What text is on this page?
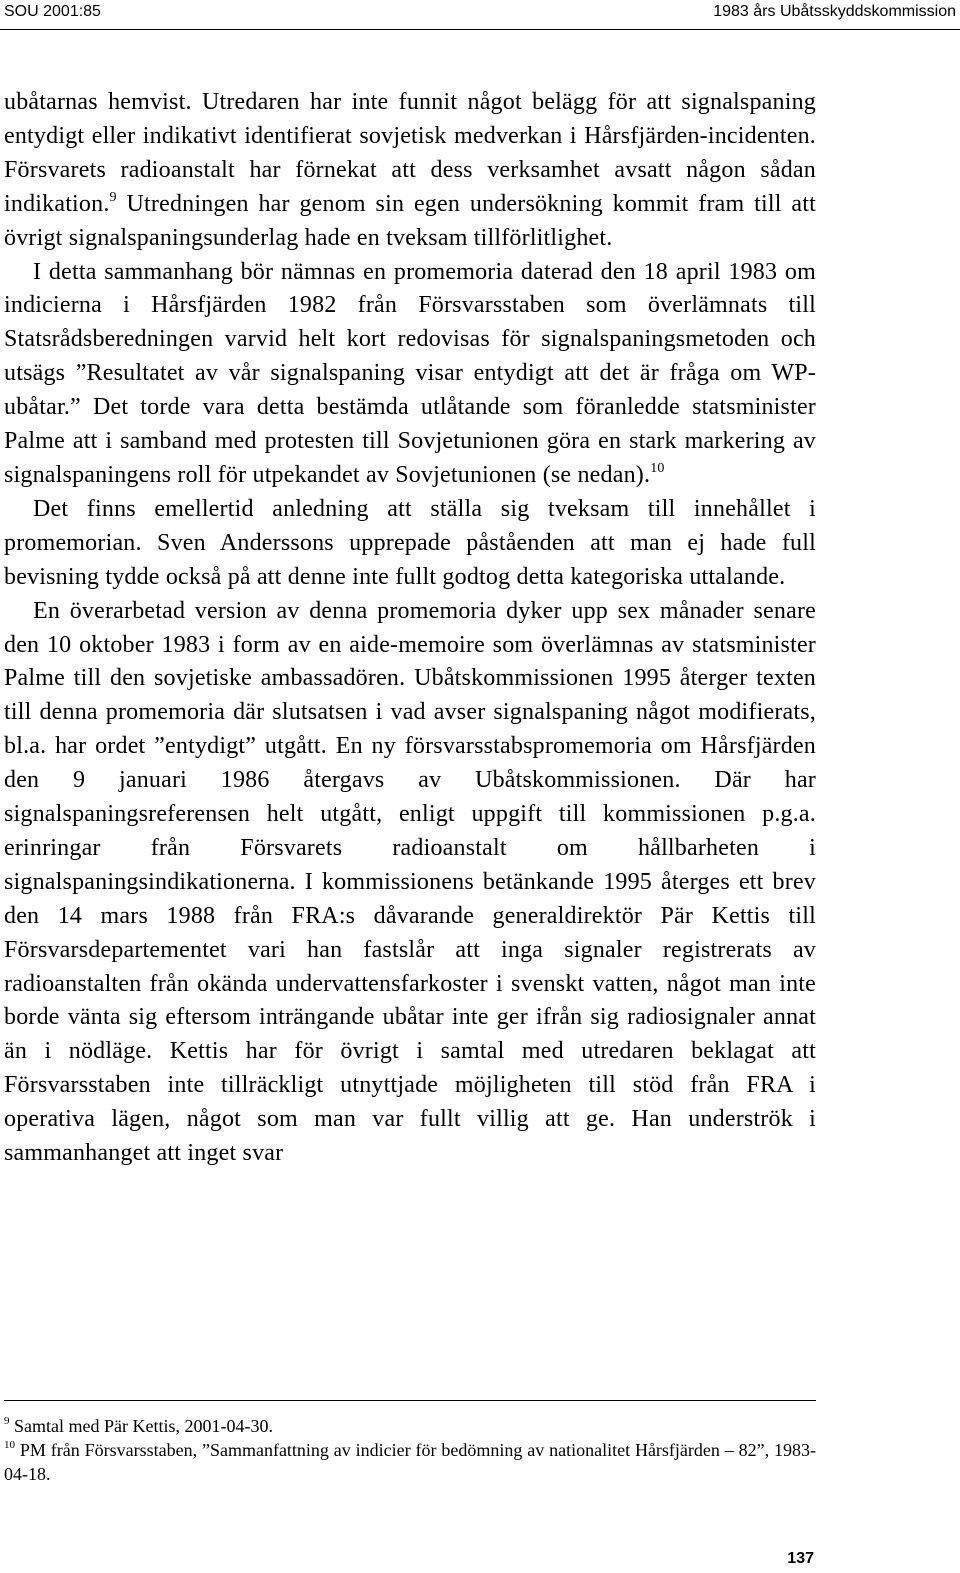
SOU 2001:85	1983 års Ubåtsskyddskommission

ubåtarnas hemvist. Utredaren har inte funnit något belägg för att signalspaning entydigt eller indikativt identifierat sovjetisk medverkan i Hårsfjärden-incidenten. Försvarets radioanstalt har förnekat att dess verksamhet avsatt någon sådan indikation.$^9$ Utredningen har genom sin egen undersökning kommit fram till att övrigt signalspaningsunderlag hade en tveksam tillförlitlighet.

I detta sammanhang bör nämnas en promemoria daterad den 18 april 1983 om indicierna i Hårsfjärden 1982 från Försvarsstaben som överlämnats till Statsrådsberedningen varvid helt kort redovisas för signalspaningsmetoden och utsägs ”Resultatet av vår signalspaning visar entydigt att det är fråga om WP-ubåtar.” Det torde vara detta bestämda utlåtande som föranledde statsminister Palme att i samband med protesten till Sovjetunionen göra en stark markering av signalspaningens roll för utpekandet av Sovjetunionen (se nedan).$^{10}$

Det finns emellertid anledning att ställa sig tveksam till innehållet i promemorian. Sven Anderssons upprepade påståenden att man ej hade full bevisning tydde också på att denne inte fullt godtog detta kategoriska uttalande.

En överarbetad version av denna promemoria dyker upp sex månader senare den 10 oktober 1983 i form av en aide-memoire som överlämnas av statsminister Palme till den sovjetiske ambassadören. Ubåtskommissionen 1995 återger texten till denna promemoria där slutsatsen i vad avser signalspaning något modifierats, bl.a. har ordet ”entydigt” utgått. En ny försvarsstabspromemoria om Hårsfjärden den 9 januari 1986 återgavs av Ubåtskommissionen. Där har signalspaningsreferensen helt utgått, enligt uppgift till kommissionen p.g.a. erinringar från Försvarets radioanstalt om hållbarheten i signalspaningsindikationerna. I kommissionens betänkande 1995 återges ett brev den 14 mars 1988 från FRA:s dåvarande generaldirektör Pär Kettis till Försvarsdepartementet vari han fastslår att inga signaler registrerats av radioanstalten från okända undervattensfarkoster i svenskt vatten, något man inte borde vänta sig eftersom inträngande ubåtar inte ger ifrån sig radiosignaler annat än i nödläge. Kettis har för övrigt i samtal med utredaren beklagat att Försvarsstaben inte tillräckligt utnyttjade möjligheten till stöd från FRA i operativa lägen, något som man var fullt villig att ge. Han underströk i sammanhanget att inget svar

$^9$ Samtal med Pär Kettis, 2001-04-30.

$^{10}$ PM från Försvarsstaben, ”Sammanfattning av indicier för bedömning av nationalitet Hårsfjärden – 82”, 1983-04-18.

137
